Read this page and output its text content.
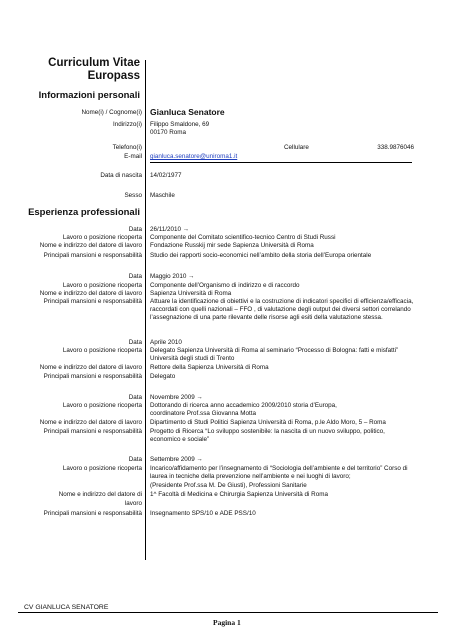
Curriculum Vitae
Europass
Informazioni personali
Nome(i) / Cognome(i) Gianluca Senatore
Indirizzo(i) Filippo Smaldone, 69
00170 Roma
Telefono(i)	Cellulare	338.9876046
E-mail gianluca.senatore@uniroma1.it
Data di nascita 14/02/1977
Sesso Maschile
Esperienza professionali
Data 26/11/2010 →
Lavoro o posizione ricoperta Componente del Comitato scientifico-tecnico Centro di Studi Russi
Nome e indirizzo del datore di lavoro Fondazione Russkij mir sede Sapienza Università di Roma
Principali mansioni e responsabilità Studio dei rapporti socio-economici nell’ambito della storia dell’Europa orientale
Data Maggio 2010 →
Lavoro o posizione ricoperta Componente dell’Organismo di indirizzo e di raccordo
Nome e indirizzo del datore di lavoro Sapienza Università di Roma
Principali mansioni e responsabilità Attuare la identificazione di obiettivi e la costruzione di indicatori specifici di efficienza/efficacia, raccordati con quelli nazionali – FFO , di valutazione degli output dei diversi settori correlando l’assegnazione di una parte rilevante delle risorse agli esiti della valutazione stessa.
Data Aprile 2010
Lavoro o posizione ricoperta Delegato Sapienza Università di Roma al seminario “Processo di Bologna: fatti e misfatti”
Università degli studi di Trento
Nome e indirizzo del datore di lavoro Rettore della Sapienza Università di Roma
Principali mansioni e responsabilità Delegato
Data Novembre 2009 →
Lavoro o posizione ricoperta Dottorando di ricerca anno accademico 2009/2010 storia d’Europa,
coordinatore Prof.ssa Giovanna Motta
Nome e indirizzo del datore di lavoro Dipartimento di Studi Politici Sapienza Università di Roma, p.le Aldo Moro, 5 – Roma
Principali mansioni e responsabilità Progetto di Ricerca “Lo sviluppo sostenibile: la nascita di un nuovo sviluppo, politico, economico e sociale”
Data Settembre 2009 →
Lavoro o posizione ricoperta Incarico/affidamento per l’insegnamento di “Sociologia dell’ambiente e del territorio” Corso di laurea in tecniche della prevenzione nell’ambiente e nei luoghi di lavoro;
(Presidente Prof.ssa M. De Giusti), Professioni Sanitarie
Nome e indirizzo del datore di
lavoro
1^ Facoltà di Medicina e Chirurgia Sapienza Università di Roma
Principali mansioni e responsabilità Insegnamento SPS/10 e ADE PSS/10
CV GIANLUCA SENATORE
Pagina 1
